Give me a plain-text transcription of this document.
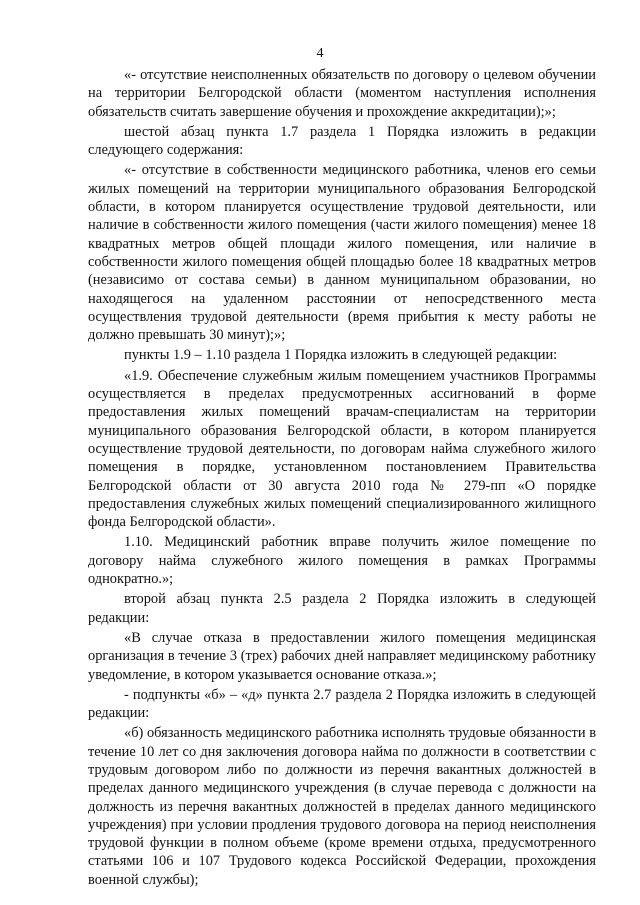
4

«- отсутствие неисполненных обязательств по договору о целевом обучении на территории Белгородской области (моментом наступления исполнения обязательств считать завершение обучения и прохождение аккредитации);»;

шестой абзац пункта 1.7 раздела 1 Порядка изложить в редакции следующего содержания:

«- отсутствие в собственности медицинского работника, членов его семьи жилых помещений на территории муниципального образования Белгородской области, в котором планируется осуществление трудовой деятельности, или наличие в собственности жилого помещения (части жилого помещения) менее 18 квадратных метров общей площади жилого помещения, или наличие в собственности жилого помещения общей площадью более 18 квадратных метров (независимо от состава семьи) в данном муниципальном образовании, но находящегося на удаленном расстоянии от непосредственного места осуществления трудовой деятельности (время прибытия к месту работы не должно превышать 30 минут);»;

пункты 1.9 – 1.10 раздела 1 Порядка изложить в следующей редакции:

«1.9. Обеспечение служебным жилым помещением участников Программы осуществляется в пределах предусмотренных ассигнований в форме предоставления жилых помещений врачам-специалистам на территории муниципального образования Белгородской области, в котором планируется осуществление трудовой деятельности, по договорам найма служебного жилого помещения в порядке, установленном постановлением Правительства Белгородской области от 30 августа 2010 года № 279-пп «О порядке предоставления служебных жилых помещений специализированного жилищного фонда Белгородской области».

1.10. Медицинский работник вправе получить жилое помещение по договору найма служебного жилого помещения в рамках Программы однократно.»;

второй абзац пункта 2.5 раздела 2 Порядка изложить в следующей редакции:

«В случае отказа в предоставлении жилого помещения медицинская организация в течение 3 (трех) рабочих дней направляет медицинскому работнику уведомление, в котором указывается основание отказа.»;

- подпункты «б» – «д» пункта 2.7 раздела 2 Порядка изложить в следующей редакции:

«б) обязанность медицинского работника исполнять трудовые обязанности в течение 10 лет со дня заключения договора найма по должности в соответствии с трудовым договором либо по должности из перечня вакантных должностей в пределах данного медицинского учреждения (в случае перевода с должности на должность из перечня вакантных должностей в пределах данного медицинского учреждения) при условии продления трудового договора на период неисполнения трудовой функции в полном объеме (кроме времени отдыха, предусмотренного статьями 106 и 107 Трудового кодекса Российской Федерации, прохождения военной службы);
